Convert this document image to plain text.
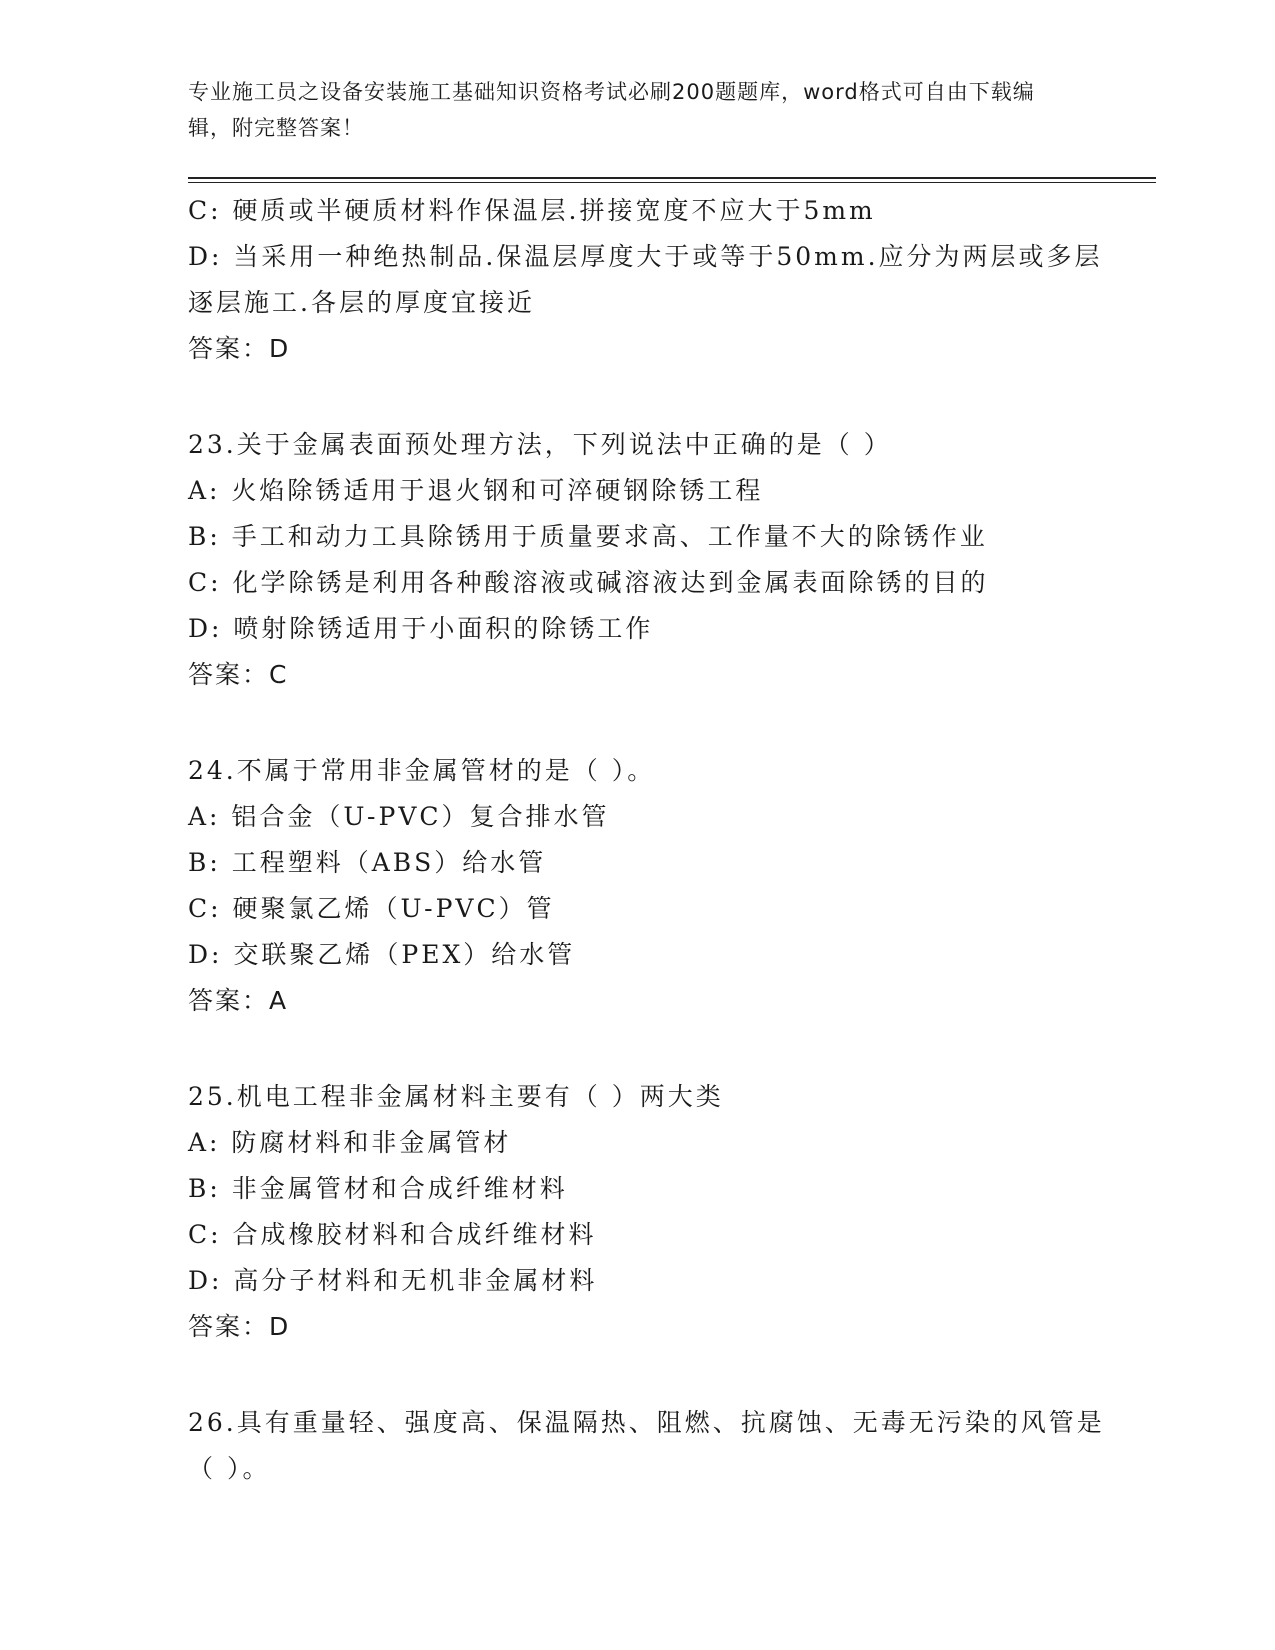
专业施工员之设备安装施工基础知识资格考试必刷200题题库，word格式可自由下载编辑，附完整答案！
C: 硬质或半硬质材料作保温层.拼接宽度不应大于5mm
D: 当采用一种绝热制品.保温层厚度大于或等于50mm.应分为两层或多层逐层施工.各层的厚度宜接近
答案：D
23.关于金属表面预处理方法，下列说法中正确的是（ ）
A: 火焰除锈适用于退火钢和可淬硬钢除锈工程
B: 手工和动力工具除锈用于质量要求高、工作量不大的除锈作业
C: 化学除锈是利用各种酸溶液或碱溶液达到金属表面除锈的目的
D: 喷射除锈适用于小面积的除锈工作
答案：C
24.不属于常用非金属管材的是（ ）。
A: 铝合金（U-PVC）复合排水管
B: 工程塑料（ABS）给水管
C: 硬聚氯乙烯（U-PVC）管
D: 交联聚乙烯（PEX）给水管
答案：A
25.机电工程非金属材料主要有（ ）两大类
A: 防腐材料和非金属管材
B: 非金属管材和合成纤维材料
C: 合成橡胶材料和合成纤维材料
D: 高分子材料和无机非金属材料
答案：D
26.具有重量轻、强度高、保温隔热、阻燃、抗腐蚀、无毒无污染的风管是（ ）。
